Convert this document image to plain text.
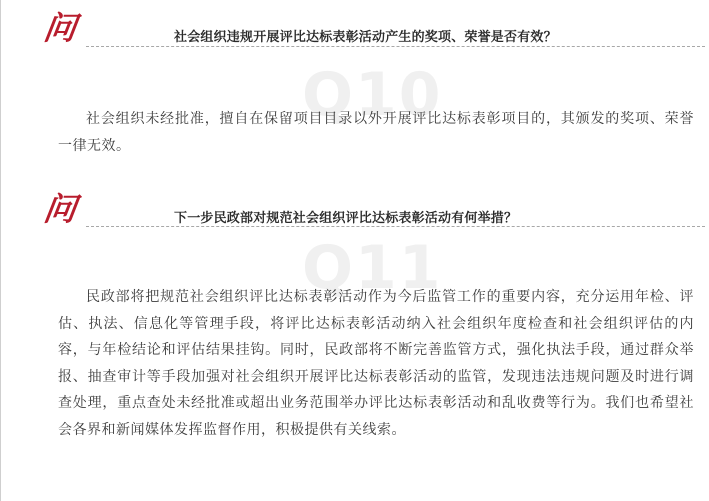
问	社会组织违规开展评比达标表彰活动产生的奖项、荣誉是否有效？
Q10

社会组织未经批准，擅自在保留项目目录以外开展评比达标表彰项目的，其颁发的奖项、荣誉一律无效。

问	下一步民政部对规范社会组织评比达标表彰活动有何举措？
Q11

民政部将把规范社会组织评比达标表彰活动作为今后监管工作的重要内容，充分运用年检、评估、执法、信息化等管理手段，将评比达标表彰活动纳入社会组织年度检查和社会组织评估的内容，与年检结论和评估结果挂钩。同时，民政部将不断完善监管方式，强化执法手段，通过群众举报、抽查审计等手段加强对社会组织开展评比达标表彰活动的监管，发现违法违规问题及时进行调查处理，重点查处未经批准或超出业务范围举办评比达标表彰活动和乱收费等行为。我们也希望社会各界和新闻媒体发挥监督作用，积极提供有关线索。
